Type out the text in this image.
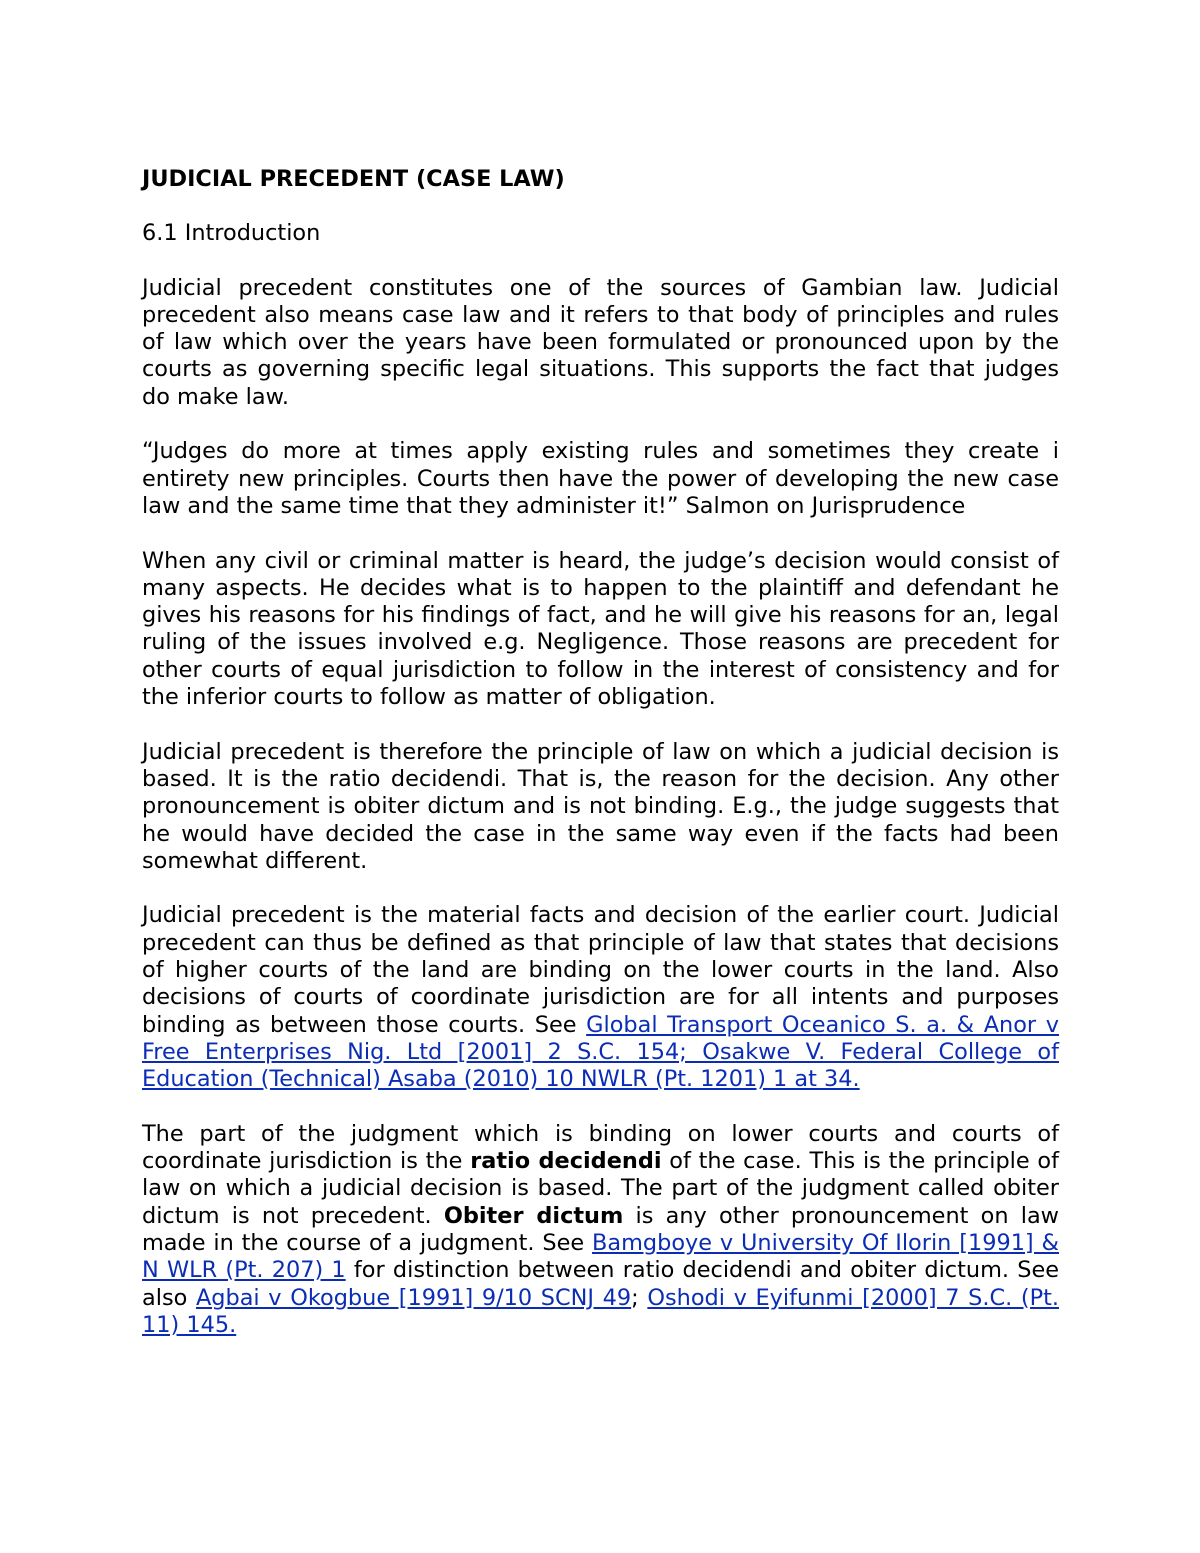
JUDICIAL PRECEDENT (CASE LAW)
6.1 Introduction

Judicial precedent constitutes one of the sources of Gambian law. Judicial precedent also means case law and it refers to that body of principles and rules of law which over the years have been formulated or pronounced upon by the courts as governing specific legal situations. This supports the fact that judges do make law.

“Judges do more at times apply existing rules and sometimes they create i entirety new principles. Courts then have the power of developing the new case law and the same time that they administer it!” Salmon on Jurisprudence

When any civil or criminal matter is heard, the judge’s decision would consist of many aspects. He decides what is to happen to the plaintiff and defendant he gives his reasons for his findings of fact, and he will give his reasons for an, legal ruling of the issues involved e.g. Negligence. Those reasons are precedent for other courts of equal jurisdiction to follow in the interest of consistency and for the inferior courts to follow as matter of obligation.

Judicial precedent is therefore the principle of law on which a judicial decision is based. It is the ratio decidendi. That is, the reason for the decision. Any other pronouncement is obiter dictum and is not binding. E.g., the judge suggests that he would have decided the case in the same way even if the facts had been somewhat different.

Judicial precedent is the material facts and decision of the earlier court. Judicial precedent can thus be defined as that principle of law that states that decisions of higher courts of the land are binding on the lower courts in the land. Also decisions of courts of coordinate jurisdiction are for all intents and purposes binding as between those courts. See Global Transport Oceanico S. a. & Anor v Free Enterprises Nig. Ltd [2001] 2 S.C. 154; Osakwe V. Federal College of Education (Technical) Asaba (2010) 10 NWLR (Pt. 1201) 1 at 34.

The part of the judgment which is binding on lower courts and courts of coordinate jurisdiction is the ratio decidendi of the case. This is the principle of law on which a judicial decision is based. The part of the judgment called obiter dictum is not precedent. Obiter dictum is any other pronouncement on law made in the course of a judgment. See Bamgboye v University Of Ilorin [1991] & N WLR (Pt. 207) 1 for distinction between ratio decidendi and obiter dictum. See also Agbai v Okogbue [1991] 9/10 SCNJ 49; Oshodi v Eyifunmi [2000] 7 S.C. (Pt. 11) 145.
